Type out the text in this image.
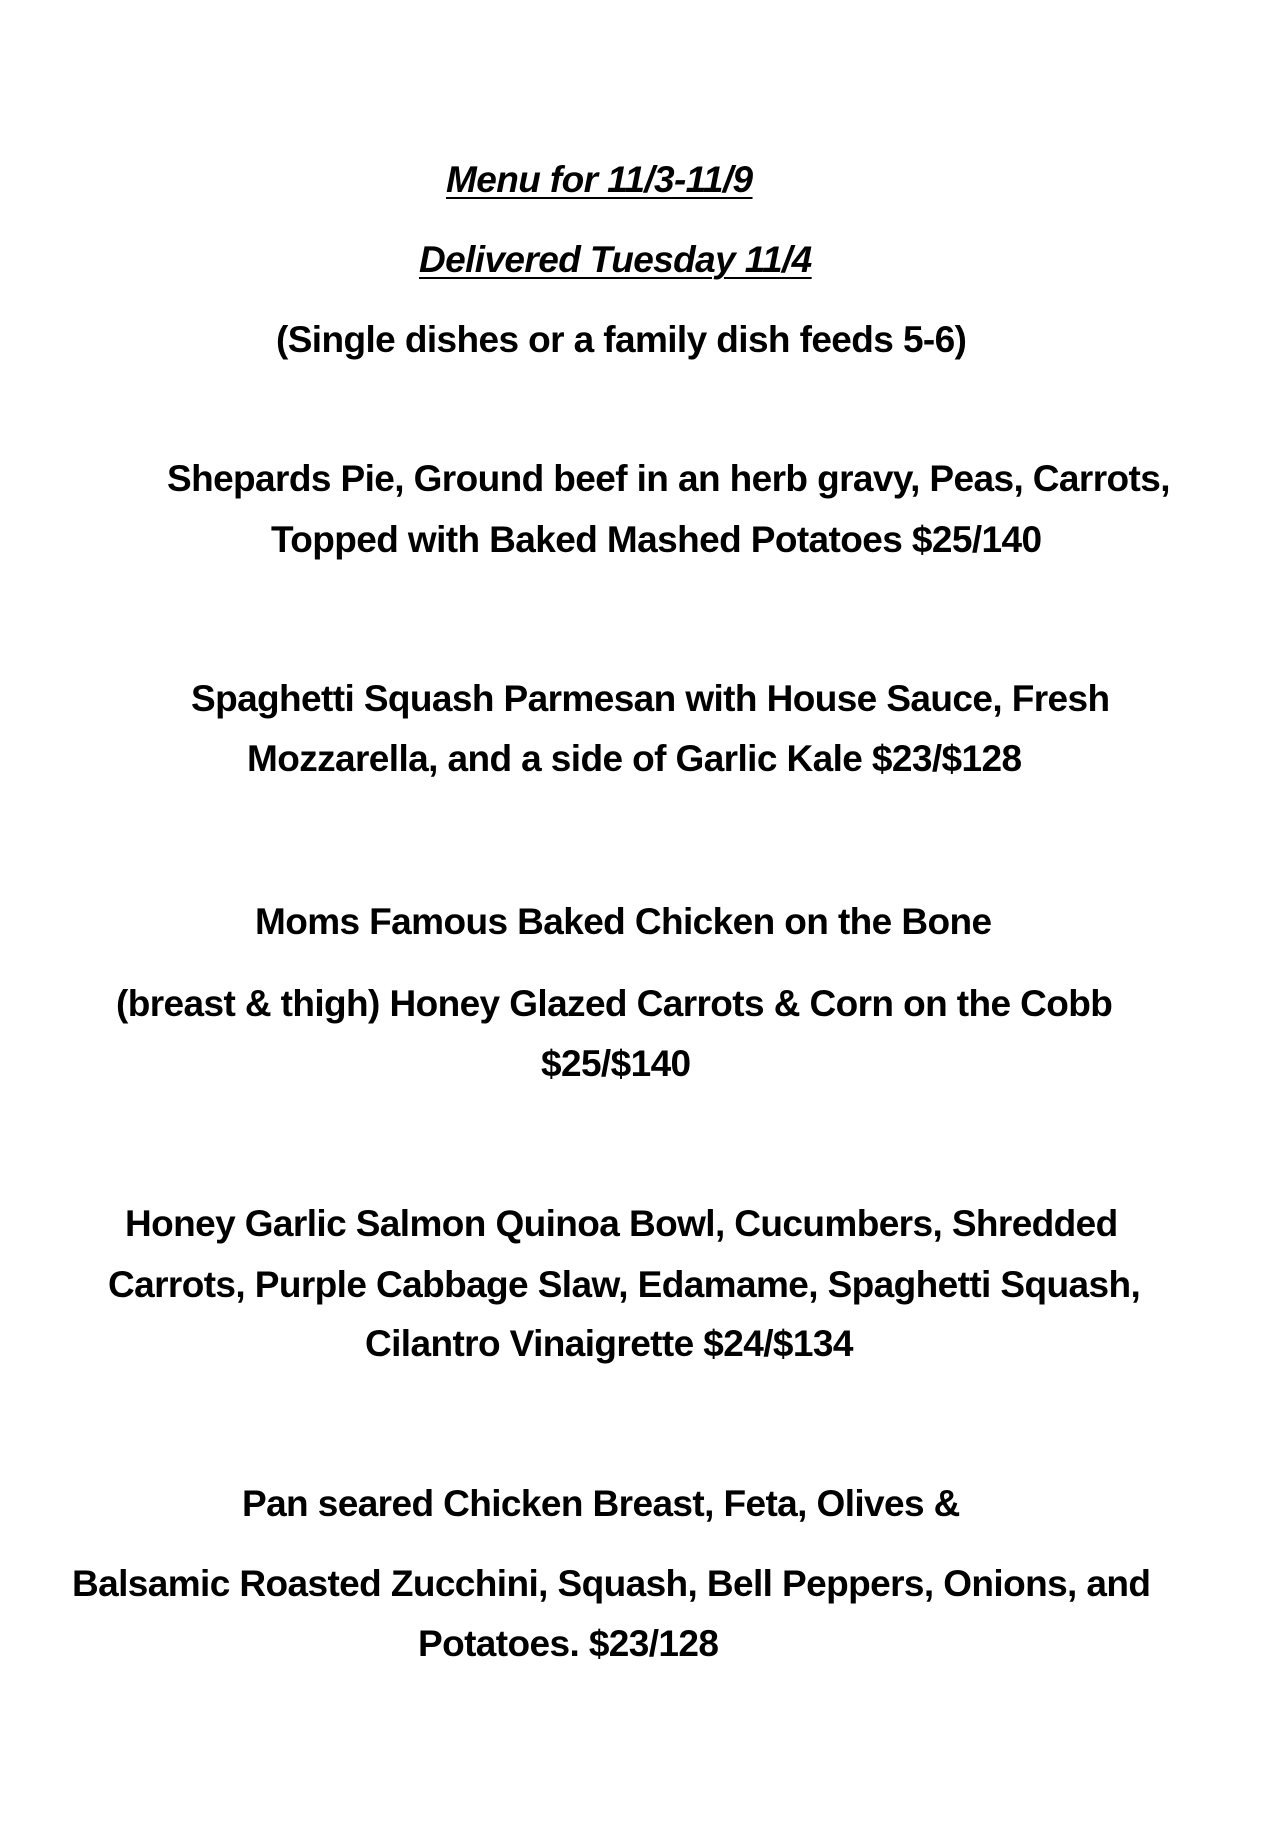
Menu for 11/3-11/9
Delivered Tuesday 11/4
(Single dishes or a family dish feeds 5-6)
Shepards Pie, Ground beef in an herb gravy, Peas, Carrots,
Topped with Baked Mashed Potatoes $25/140
Spaghetti Squash Parmesan with House Sauce, Fresh
Mozzarella, and a side of Garlic Kale $23/$128
Moms Famous Baked Chicken on the Bone
(breast & thigh) Honey Glazed Carrots & Corn on the Cobb
$25/$140
Honey Garlic Salmon Quinoa Bowl, Cucumbers, Shredded
Carrots, Purple Cabbage Slaw, Edamame, Spaghetti Squash,
Cilantro Vinaigrette $24/$134
Pan seared Chicken Breast, Feta, Olives &
Balsamic Roasted Zucchini, Squash, Bell Peppers, Onions, and
Potatoes. $23/128
